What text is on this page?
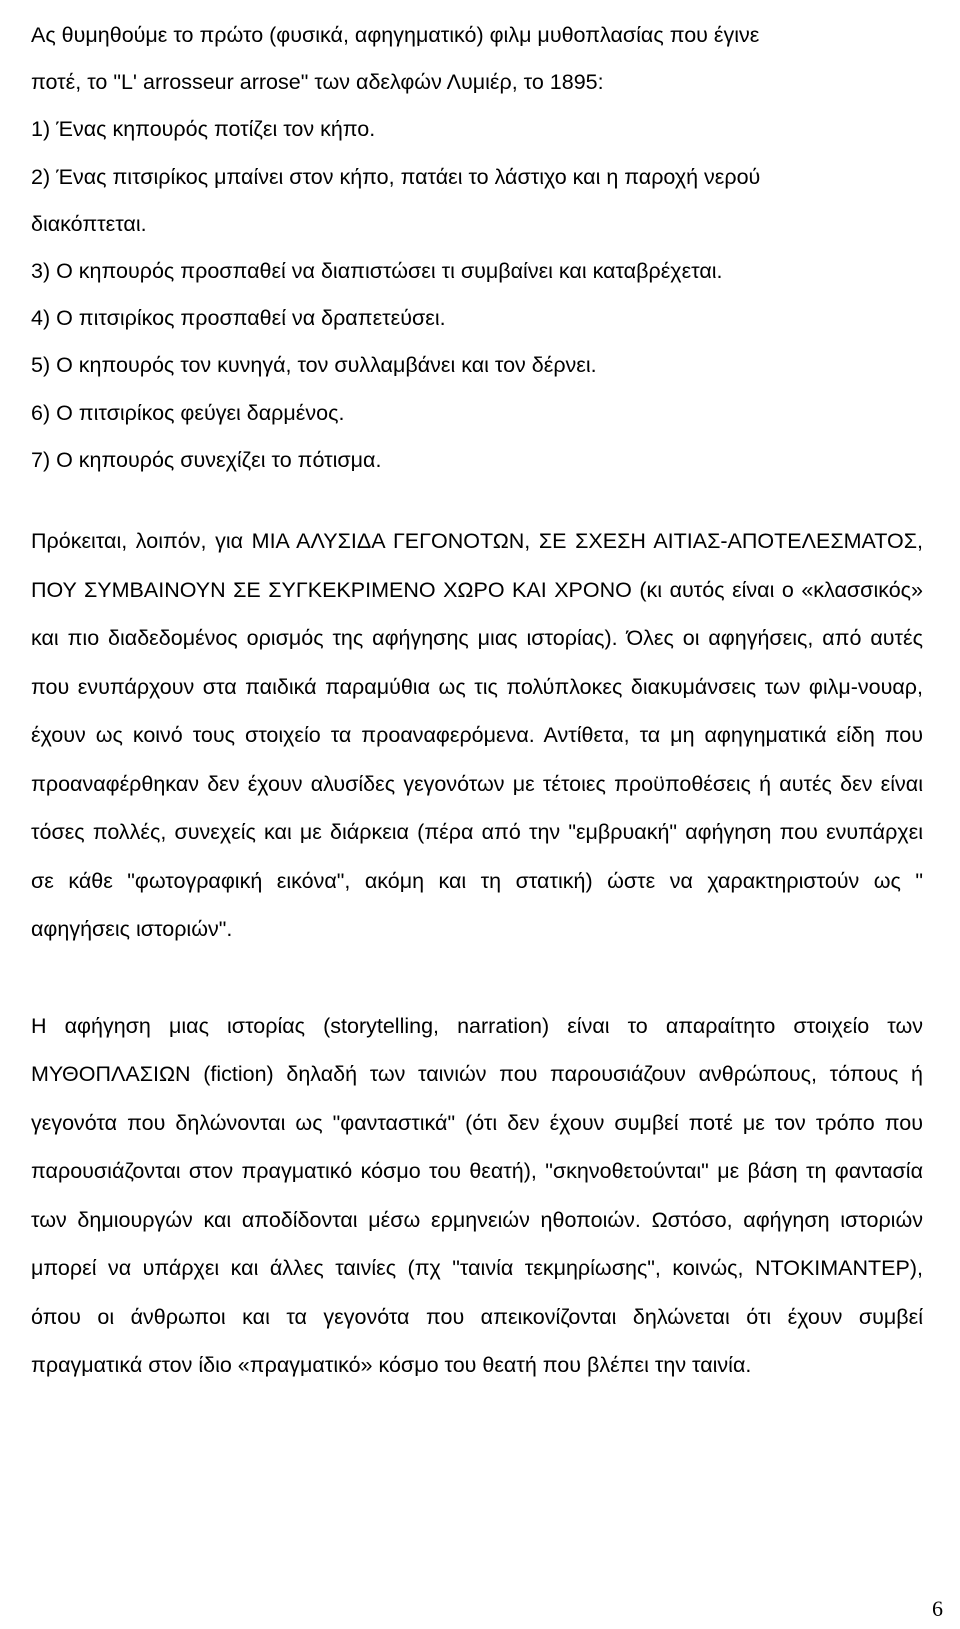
Ας θυμηθούμε το πρώτο (φυσικά, αφηγηματικό) φιλμ μυθοπλασίας που έγινε

ποτέ, το "L' arrosseur arrose" των αδελφών Λυμιέρ, το 1895:

1) Ένας κηπουρός ποτίζει τον κήπο.

2) Ένας πιτσιρίκος μπαίνει στον κήπο, πατάει το λάστιχο και η παροχή νερού

διακόπτεται.

3) Ο κηπουρός προσπαθεί να διαπιστώσει τι συμβαίνει και καταβρέχεται.

4) Ο πιτσιρίκος προσπαθεί να δραπετεύσει.

5) Ο κηπουρός τον κυνηγά, τον συλλαμβάνει και τον δέρνει.

6) Ο πιτσιρίκος φεύγει δαρμένος.

7) Ο κηπουρός συνεχίζει το πότισμα.

Πρόκειται, λοιπόν, για ΜΙΑ ΑΛΥΣΙΔΑ ΓΕΓΟΝΟΤΩΝ, ΣΕ ΣΧΕΣΗ ΑΙΤΙΑΣ-ΑΠΟΤΕΛΕΣΜΑΤΟΣ, ΠΟΥ ΣΥΜΒΑΙΝΟΥΝ ΣΕ ΣΥΓΚΕΚΡΙΜΕΝΟ ΧΩΡΟ ΚΑΙ ΧΡΟΝΟ (κι αυτός είναι ο «κλασσικός» και πιο διαδεδομένος ορισμός της αφήγησης μιας ιστορίας). Όλες οι αφηγήσεις, από αυτές που ενυπάρχουν στα παιδικά παραμύθια ως τις πολύπλοκες διακυμάνσεις των φιλμ-νουαρ, έχουν ως κοινό τους στοιχείο τα προαναφερόμενα. Αντίθετα, τα μη αφηγηματικά είδη που προαναφέρθηκαν δεν έχουν αλυσίδες γεγονότων με τέτοιες προϋποθέσεις ή αυτές δεν είναι τόσες πολλές, συνεχείς και με διάρκεια (πέρα από την "εμβρυακή" αφήγηση που ενυπάρχει σε κάθε "φωτογραφική εικόνα", ακόμη και τη στατική) ώστε να χαρακτηριστούν ως " αφηγήσεις ιστοριών".

Η αφήγηση μιας ιστορίας (storytelling, narration) είναι το απαραίτητο στοιχείο των ΜΥΘΟΠΛΑΣΙΩΝ (fiction) δηλαδή των ταινιών που παρουσιάζουν ανθρώπους, τόπους ή γεγονότα που δηλώνονται ως "φανταστικά" (ότι δεν έχουν συμβεί ποτέ με τον τρόπο που παρουσιάζονται στον πραγματικό κόσμο του θεατή), "σκηνοθετούνται" με βάση τη φαντασία των δημιουργών και αποδίδονται μέσω ερμηνειών ηθοποιών. Ωστόσο, αφήγηση ιστοριών μπορεί να υπάρχει και άλλες ταινίες (πχ "ταινία τεκμηρίωσης", κοινώς, ΝΤΟΚΙΜΑΝΤΕΡ), όπου οι άνθρωποι και τα γεγονότα που απεικονίζονται δηλώνεται ότι έχουν συμβεί πραγματικά στον ίδιο «πραγματικό» κόσμο του θεατή που βλέπει την ταινία.

6
